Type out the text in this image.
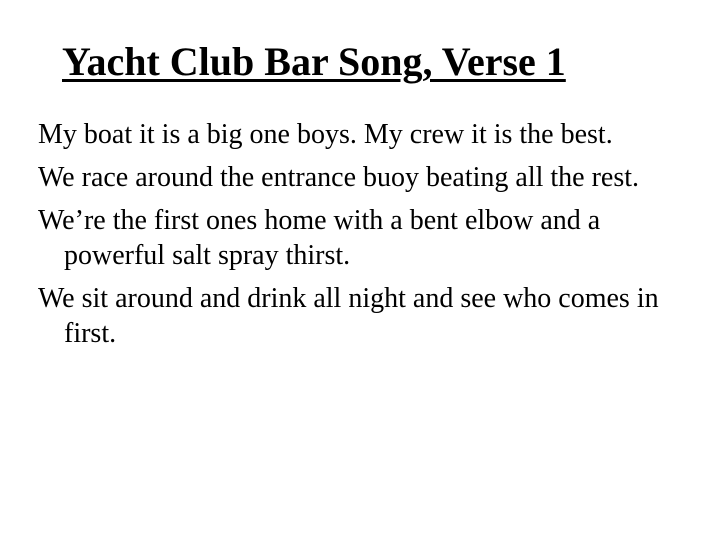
Yacht Club Bar Song, Verse 1
My boat it is a big one boys. My crew it is the best.
We race around the entrance buoy beating all the rest.
We’re the first ones home with a bent elbow and a powerful salt spray thirst.
We sit around and drink all night and see who comes in first.
